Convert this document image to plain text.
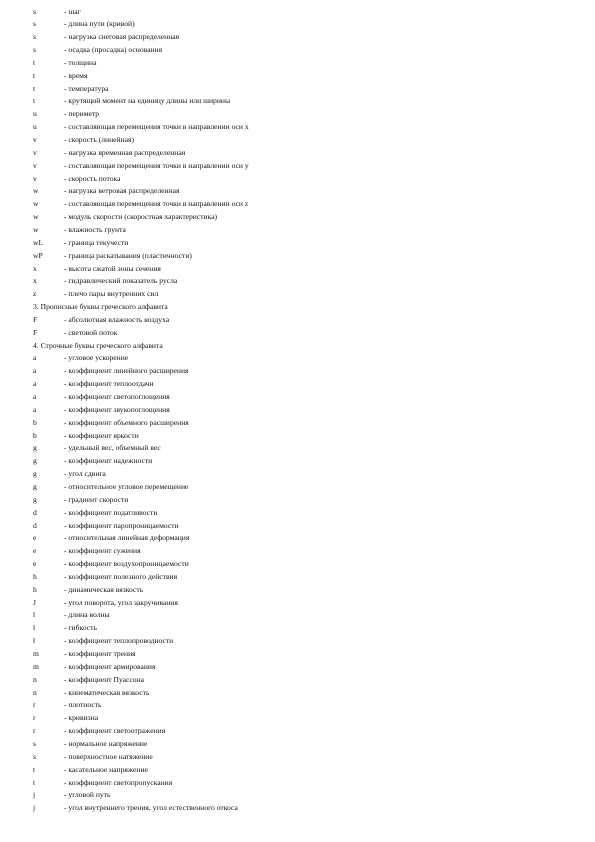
s	- шаг
s	- длина пути (кривой)
s	- нагрузка снеговая распределенная
s	- осадка (просадка) основания
t	- толщина
t	- время
t	- температура
t	- крутящий момент на единицу длины или ширины
u	- периметр
u	- составляющая перемещения точки в направлении оси x
v	- скорость (линейная)
v	- нагрузка временная распределенная
v	- составляющая перемещения точки в направлении оси y
v	- скорость потока
w	- нагрузка ветровая распределенная
w	- составляющая перемещения точки в направлении оси z
w	- модуль скорости (скоростная характеристика)
w	- влажность грунта
wL	- граница текучести
wP	- граница раскатывания (пластичности)
x	- высота сжатой зоны сечения
x	- гидравлический показатель русла
z	- плечо пары внутренних сил
3. Прописные буквы греческого алфавита
F	- абсолютная влажность воздуха
F	- световой поток
4. Строчные буквы греческого алфавита
a	- угловое ускорение
a	- коэффициент линейного расширения
a	- коэффициент теплоотдачи
a	- коэффициент светопоглощения
a	- коэффициент звукопоглощения
b	- коэффициент объемного расширения
b	- коэффициент яркости
g	- удельный вес, объемный вес
g	- коэффициент надежности
g	- угол сдвига
g	- относительное угловое перемещение
g	- градиент скорости
d	- коэффициент податливости
d	- коэффициент паропроницаемости
e	- относительная линейная деформация
e	- коэффициент сужения
e	- коэффициент воздухопроницаемости
h	- коэффициент полезного действия
h	- динамическая вязкость
J	- угол поворота, угол закручивания
l	- длина волны
l	- гибкость
l	- коэффициент теплопроводности
m	- коэффициент трения
m	- коэффициент армирования
n	- коэффициент Пуассона
n	- кинематическая вязкость
r	- плотность
r	- кривизна
r	- коэффициент светоотражения
s	- нормальное напряжение
s	- поверхностное натяжение
t	- касательное напряжение
t	- коэффициент светопропускания
j	- угловой путь
j	- угол внутреннего трения, угол естественного откоса
